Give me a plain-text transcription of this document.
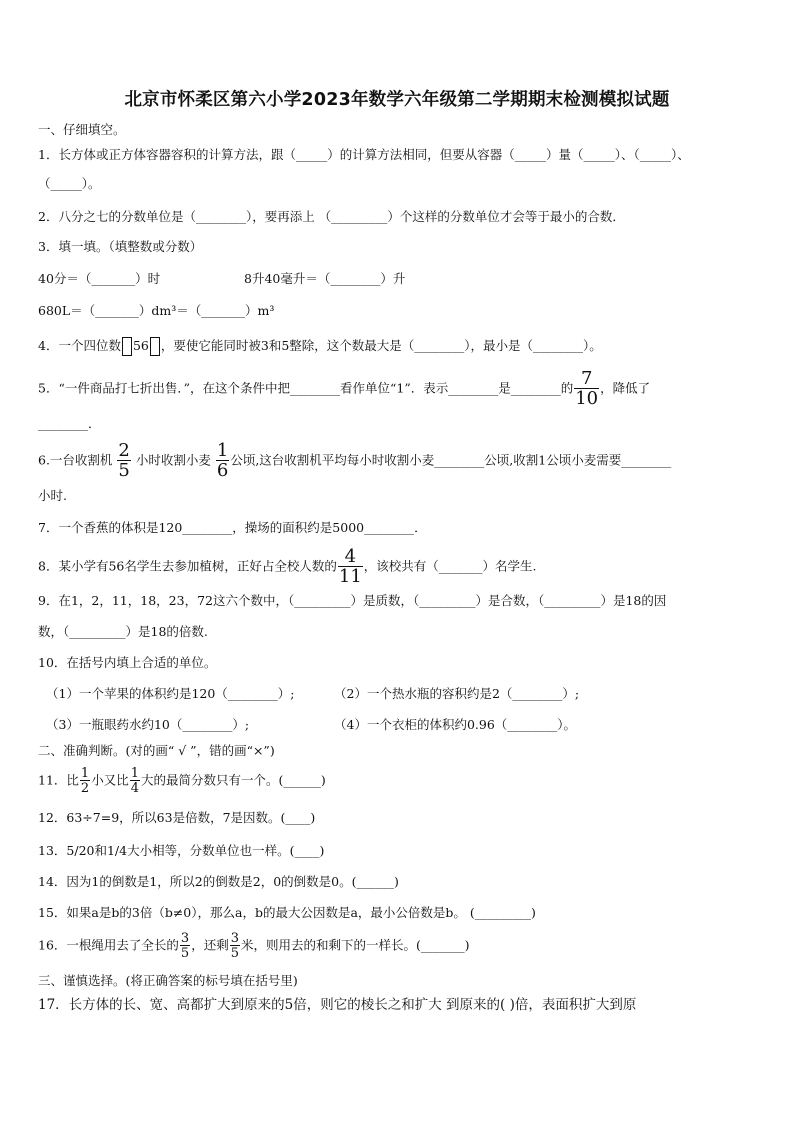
北京市怀柔区第六小学2023年数学六年级第二学期期末检测模拟试题
一、仔细填空。
1．长方体或正方体容器容积的计算方法，跟（_____）的计算方法相同，但要从容器（_____）量（_____）、（_____）、
（_____）。
2．八分之七的分数单位是（________），要再添上 （_________）个这样的分数单位才会等于最小的合数．
3．填一填。（填整数或分数）
40分＝（_______）时	8升40毫升＝（________）升
680L＝（_______）dm³＝（_______）m³
4．一个四位数 56 ，要使它能同时被3和5整除，这个数最大是（________），最小是（________）。
5．“一件商品打七折出售．”，在这个条件中把________看作单位“1”．表示________是________的 $\frac{7}{10}$ ，降低了
________．
6.一台收割机 $\frac{2}{5}$ 小时收割小麦 $\frac{1}{6}$ 公顷,这台收割机平均每小时收割小麦________公顷,收割1公顷小麦需要________
小时.
7．一个香蕉的体积是120________，操场的面积约是5000________．
8．某小学有56名学生去参加植树，正好占全校人数的 $\frac{4}{11}$ ，该校共有（_______）名学生.
9．在1，2，11，18，23，72这六个数中，（_________）是质数，（_________）是合数，（_________）是18的因
数，（_________）是18的倍数.
10．在括号内填上合适的单位。
（1）一个苹果的体积约是120（________）;	（2）一个热水瓶的容积约是2（________）;
（3）一瓶眼药水约10（________）;	（4）一个衣柜的体积约0.96（________）。
二、准确判断。(对的画“ √ ”，错的画“×”)
11．比 $\frac{1}{2}$ 小又比 $\frac{1}{4}$ 大的最简分数只有一个。(______)
12．63÷7=9，所以63是倍数，7是因数。(____)
13．5/20和1/4大小相等，分数单位也一样。(____)
14．因为1的倒数是1，所以2的倒数是2，0的倒数是0。(______)
15．如果a是b的3倍（b≠0），那么a，b的最大公因数是a，最小公倍数是b。 (_________)
16．一根绳用去了全长的 $\frac{3}{5}$ ，还剩 $\frac{3}{5}$ 米，则用去的和剩下的一样长。(_______)
三、谨慎选择。(将正确答案的标号填在括号里)
17．长方体的长、宽、高都扩大到原来的5倍，则它的棱长之和扩大 到原来的( )倍，表面积扩大到原
